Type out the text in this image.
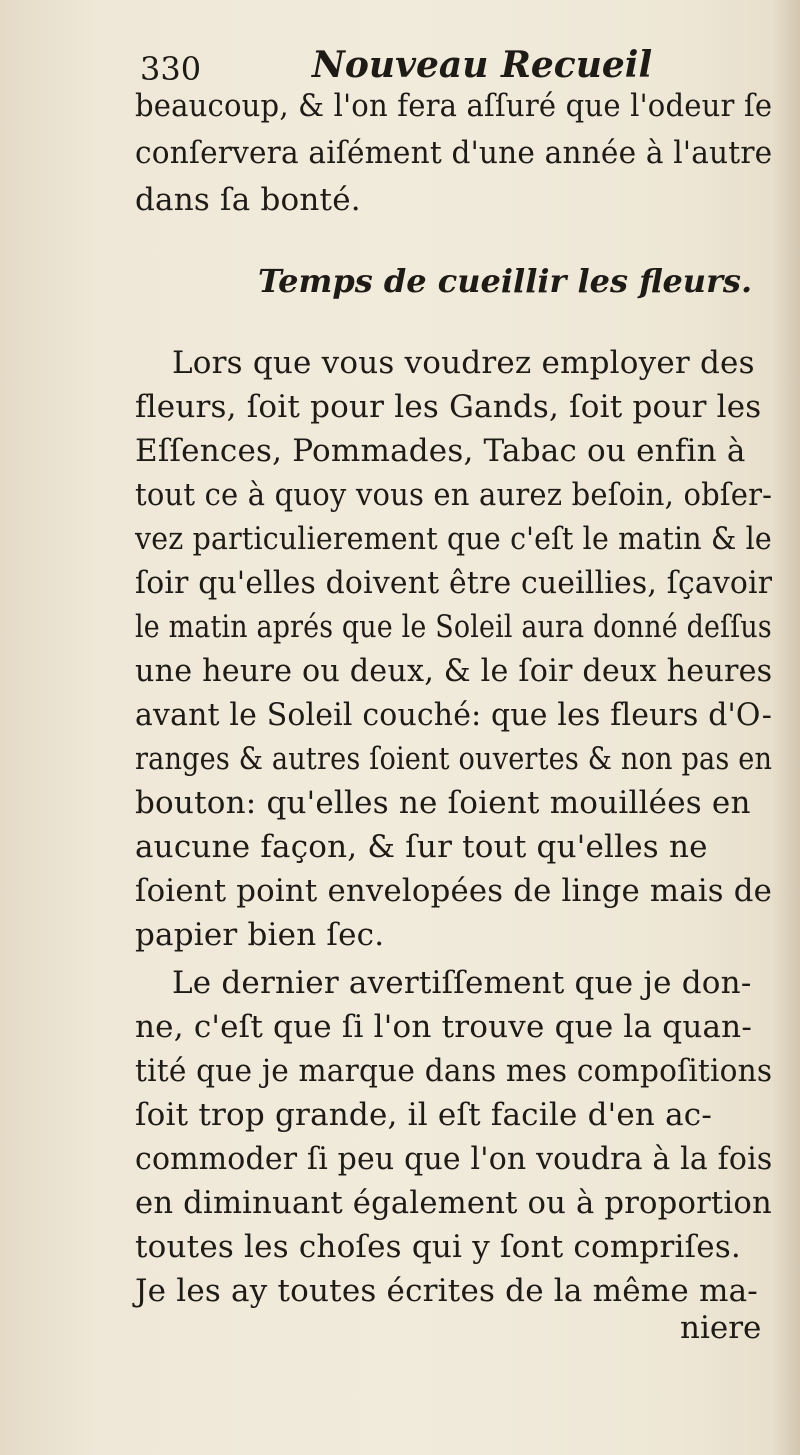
330	Nouveau Recueil
beaucoup, & l'on fera aſſuré que l'odeur ſe
conſervera aiſément d'une année à l'autre
dans ſa bonté.
Temps de cueillir les fleurs.
Lors que vous voudrez employer des
fleurs, ſoit pour les Gands, ſoit pour les
Eſſences, Pommades, Tabac ou enfin à
tout ce à quoy vous en aurez beſoin, obſer-
vez particulierement que c'eſt le matin & le
ſoir qu'elles doivent être cueillies, ſçavoir
le matin aprés que le Soleil aura donné deſſus
une heure ou deux, & le ſoir deux heures
avant le Soleil couché: que les fleurs d'O-
ranges & autres ſoient ouvertes & non pas en
bouton: qu'elles ne ſoient mouillées en
aucune façon, & ſur tout qu'elles ne
ſoient point envelopées de linge mais de
papier bien ſec.
Le dernier avertiſſement que je don-
ne, c'eſt que ſi l'on trouve que la quan-
tité que je marque dans mes compoſitions
ſoit trop grande, il eſt facile d'en ac-
commoder ſi peu que l'on voudra à la fois
en diminuant également ou à proportion
toutes les choſes qui y ſont compriſes.
Je les ay toutes écrites de la même ma-
niere
